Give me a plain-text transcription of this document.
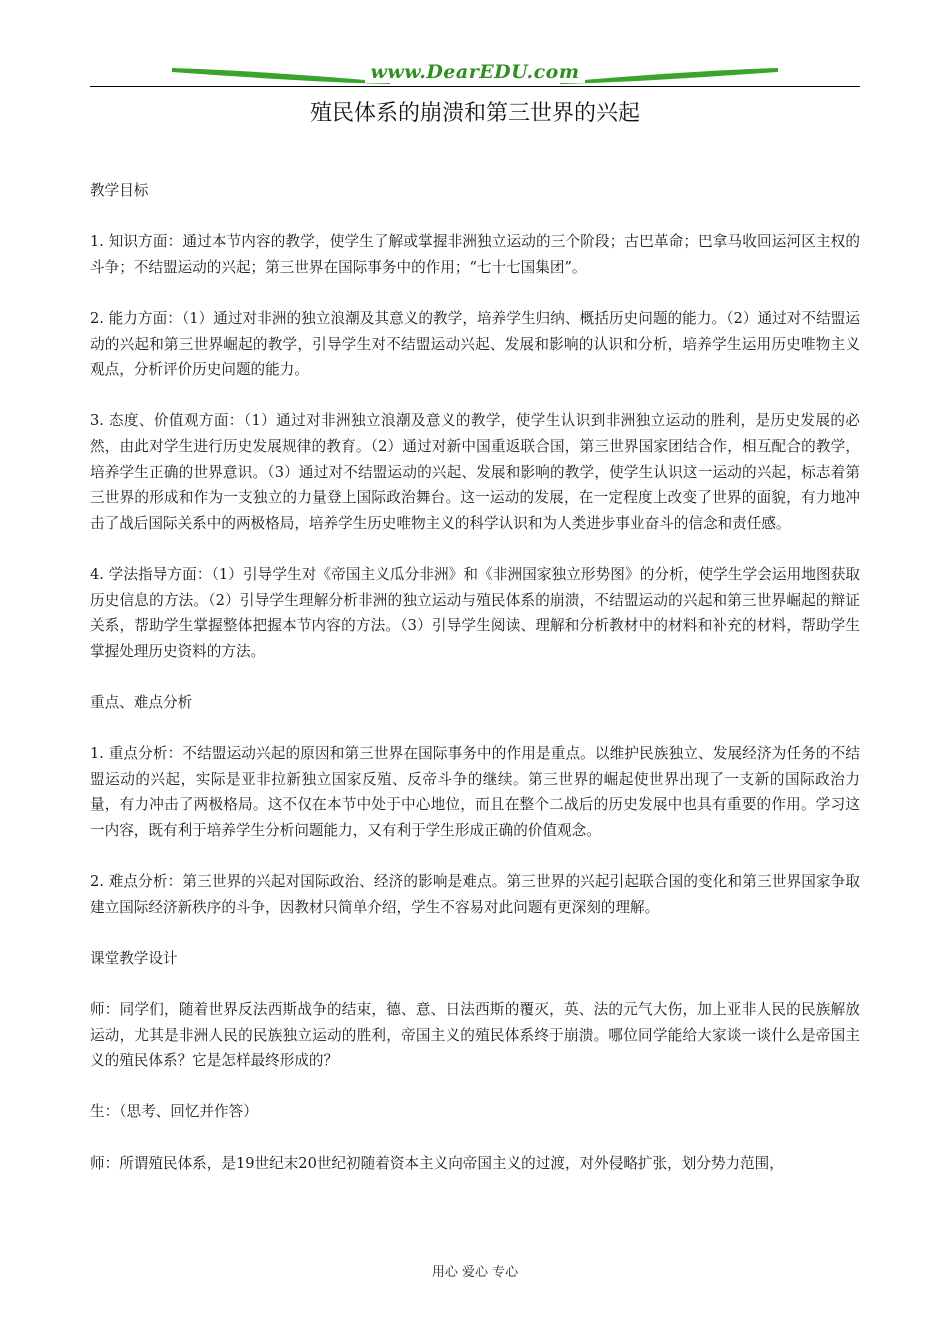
www.DearEDU.com
殖民体系的崩溃和第三世界的兴起

教学目标

1. 知识方面：通过本节内容的教学，使学生了解或掌握非洲独立运动的三个阶段；古巴革命；巴拿马收回运河区主权的斗争；不结盟运动的兴起；第三世界在国际事务中的作用；“七十七国集团”。

2. 能力方面：（1）通过对非洲的独立浪潮及其意义的教学，培养学生归纳、概括历史问题的能力。（2）通过对不结盟运动的兴起和第三世界崛起的教学，引导学生对不结盟运动兴起、发展和影响的认识和分析，培养学生运用历史唯物主义观点，分析评价历史问题的能力。

3. 态度、价值观方面：（1）通过对非洲独立浪潮及意义的教学，使学生认识到非洲独立运动的胜利，是历史发展的必然，由此对学生进行历史发展规律的教育。（2）通过对新中国重返联合国，第三世界国家团结合作，相互配合的教学，培养学生正确的世界意识。（3）通过对不结盟运动的兴起、发展和影响的教学，使学生认识这一运动的兴起，标志着第三世界的形成和作为一支独立的力量登上国际政治舞台。这一运动的发展，在一定程度上改变了世界的面貌，有力地冲击了战后国际关系中的两极格局，培养学生历史唯物主义的科学认识和为人类进步事业奋斗的信念和责任感。

4. 学法指导方面：（1）引导学生对《帝国主义瓜分非洲》和《非洲国家独立形势图》的分析，使学生学会运用地图获取历史信息的方法。（2）引导学生理解分析非洲的独立运动与殖民体系的崩溃，不结盟运动的兴起和第三世界崛起的辩证关系，帮助学生掌握整体把握本节内容的方法。（3）引导学生阅读、理解和分析教材中的材料和补充的材料，帮助学生掌握处理历史资料的方法。

重点、难点分析

1. 重点分析：不结盟运动兴起的原因和第三世界在国际事务中的作用是重点。以维护民族独立、发展经济为任务的不结盟运动的兴起，实际是亚非拉新独立国家反殖、反帝斗争的继续。第三世界的崛起使世界出现了一支新的国际政治力量，有力冲击了两极格局。这不仅在本节中处于中心地位，而且在整个二战后的历史发展中也具有重要的作用。学习这一内容，既有利于培养学生分析问题能力，又有利于学生形成正确的价值观念。

2. 难点分析：第三世界的兴起对国际政治、经济的影响是难点。第三世界的兴起引起联合国的变化和第三世界国家争取建立国际经济新秩序的斗争，因教材只简单介绍，学生不容易对此问题有更深刻的理解。

课堂教学设计

师：同学们，随着世界反法西斯战争的结束，德、意、日法西斯的覆灭，英、法的元气大伤，加上亚非人民的民族解放运动，尤其是非洲人民的民族独立运动的胜利，帝国主义的殖民体系终于崩溃。哪位同学能给大家谈一谈什么是帝国主义的殖民体系？它是怎样最终形成的？

生：（思考、回忆并作答）

师：所谓殖民体系，是19世纪末20世纪初随着资本主义向帝国主义的过渡，对外侵略扩张，划分势力范围，

用心 爱心 专心
